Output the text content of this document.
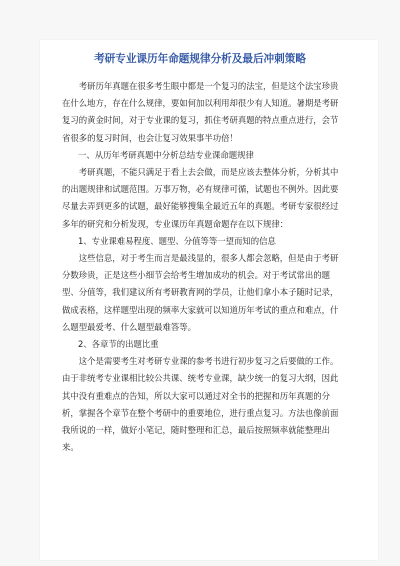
考研专业课历年命题规律分析及最后冲刺策略

考研历年真题在很多考生眼中都是一个复习的法宝，但是这个法宝珍贵在什么地方，存在什么规律，要如何加以利用却很少有人知道。暑期是考研复习的黄金时间，对于专业课的复习，抓住考研真题的特点重点进行，会节省很多的复习时间，也会让复习效果事半功倍！

一、从历年考研真题中分析总结专业课命题规律

考研真题，不能只满足于看上去会做，而是应该去整体分析，分析其中的出题规律和试题范围。万事万物，必有规律可循，试题也不例外。因此要尽量去弄到更多的试题，最好能够搜集全最近五年的真题。考研专家很经过多年的研究和分析发现，专业课历年真题命题存在以下规律：

1、专业课难易程度、题型、分值等等一望而知的信息

这些信息，对于考生而言是最浅显的，很多人都会忽略，但是由于考研分数珍贵，正是这些小细节会给考生增加成功的机会。对于考试常出的题型、分值等，我们建议所有考研教育网的学员，让他们拿小本子随时记录，做成表格，这样题型出现的频率大家就可以知道历年考试的重点和难点，什么题型最爱考、什么题型最难答等。

2、各章节的出题比重

这个是需要考生对考研专业课的参考书进行初步复习之后要做的工作。由于非统考专业课相比较公共课、统考专业课，缺少统一的复习大纲，因此其中没有重难点的告知，所以大家可以通过对全书的把握和历年真题的分析，掌握各个章节在整个考研中的重要地位，进行重点复习。方法也像前面我所说的一样，做好小笔记，随时整理和汇总，最后按照频率就能整理出来。
